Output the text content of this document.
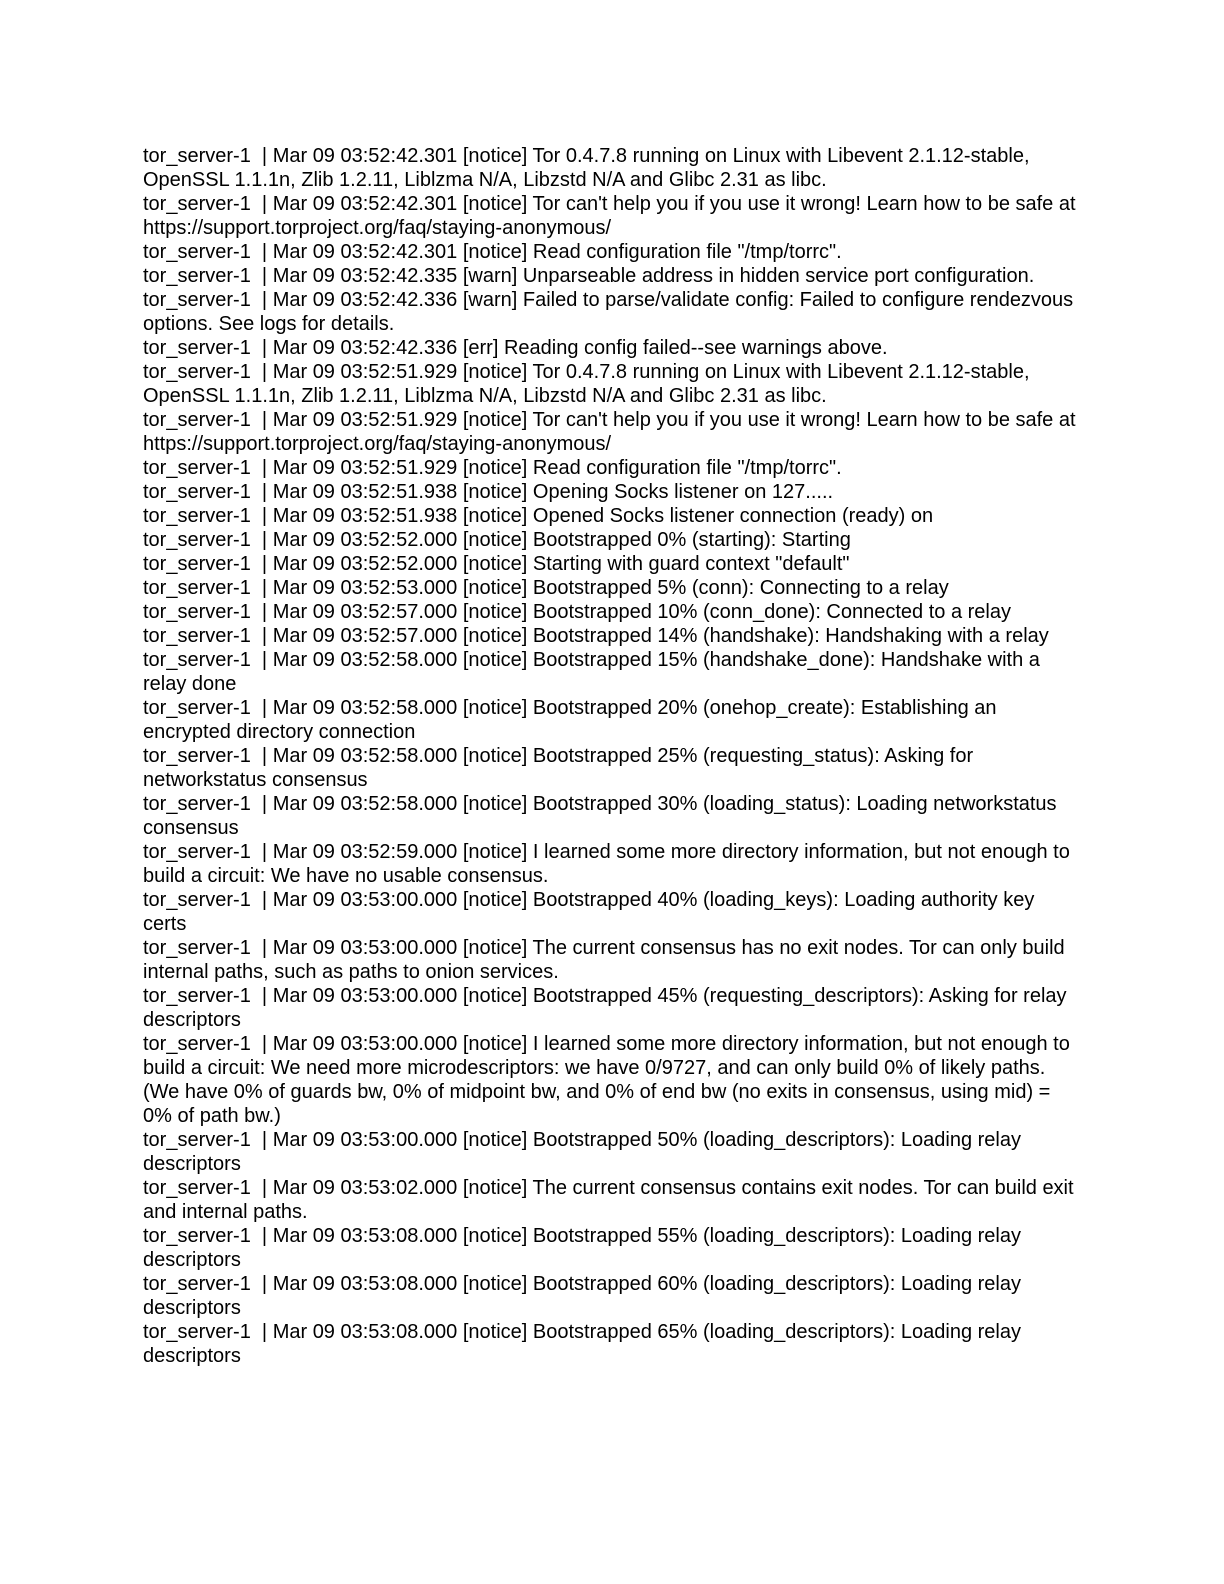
tor_server-1  | Mar 09 03:52:42.301 [notice] Tor 0.4.7.8 running on Linux with Libevent 2.1.12-stable, OpenSSL 1.1.1n, Zlib 1.2.11, Liblzma N/A, Libzstd N/A and Glibc 2.31 as libc.
tor_server-1  | Mar 09 03:52:42.301 [notice] Tor can't help you if you use it wrong! Learn how to be safe at https://support.torproject.org/faq/staying-anonymous/
tor_server-1  | Mar 09 03:52:42.301 [notice] Read configuration file "/tmp/torrc".
tor_server-1  | Mar 09 03:52:42.335 [warn] Unparseable address in hidden service port configuration.
tor_server-1  | Mar 09 03:52:42.336 [warn] Failed to parse/validate config: Failed to configure rendezvous options. See logs for details.
tor_server-1  | Mar 09 03:52:42.336 [err] Reading config failed--see warnings above.
tor_server-1  | Mar 09 03:52:51.929 [notice] Tor 0.4.7.8 running on Linux with Libevent 2.1.12-stable, OpenSSL 1.1.1n, Zlib 1.2.11, Liblzma N/A, Libzstd N/A and Glibc 2.31 as libc.
tor_server-1  | Mar 09 03:52:51.929 [notice] Tor can't help you if you use it wrong! Learn how to be safe at https://support.torproject.org/faq/staying-anonymous/
tor_server-1  | Mar 09 03:52:51.929 [notice] Read configuration file "/tmp/torrc".
tor_server-1  | Mar 09 03:52:51.938 [notice] Opening Socks listener on 127.....
tor_server-1  | Mar 09 03:52:51.938 [notice] Opened Socks listener connection (ready) on
tor_server-1  | Mar 09 03:52:52.000 [notice] Bootstrapped 0% (starting): Starting
tor_server-1  | Mar 09 03:52:52.000 [notice] Starting with guard context "default"
tor_server-1  | Mar 09 03:52:53.000 [notice] Bootstrapped 5% (conn): Connecting to a relay
tor_server-1  | Mar 09 03:52:57.000 [notice] Bootstrapped 10% (conn_done): Connected to a relay
tor_server-1  | Mar 09 03:52:57.000 [notice] Bootstrapped 14% (handshake): Handshaking with a relay
tor_server-1  | Mar 09 03:52:58.000 [notice] Bootstrapped 15% (handshake_done): Handshake with a relay done
tor_server-1  | Mar 09 03:52:58.000 [notice] Bootstrapped 20% (onehop_create): Establishing an encrypted directory connection
tor_server-1  | Mar 09 03:52:58.000 [notice] Bootstrapped 25% (requesting_status): Asking for networkstatus consensus
tor_server-1  | Mar 09 03:52:58.000 [notice] Bootstrapped 30% (loading_status): Loading networkstatus consensus
tor_server-1  | Mar 09 03:52:59.000 [notice] I learned some more directory information, but not enough to build a circuit: We have no usable consensus.
tor_server-1  | Mar 09 03:53:00.000 [notice] Bootstrapped 40% (loading_keys): Loading authority key certs
tor_server-1  | Mar 09 03:53:00.000 [notice] The current consensus has no exit nodes. Tor can only build internal paths, such as paths to onion services.
tor_server-1  | Mar 09 03:53:00.000 [notice] Bootstrapped 45% (requesting_descriptors): Asking for relay descriptors
tor_server-1  | Mar 09 03:53:00.000 [notice] I learned some more directory information, but not enough to build a circuit: We need more microdescriptors: we have 0/9727, and can only build 0% of likely paths. (We have 0% of guards bw, 0% of midpoint bw, and 0% of end bw (no exits in consensus, using mid) = 0% of path bw.)
tor_server-1  | Mar 09 03:53:00.000 [notice] Bootstrapped 50% (loading_descriptors): Loading relay descriptors
tor_server-1  | Mar 09 03:53:02.000 [notice] The current consensus contains exit nodes. Tor can build exit and internal paths.
tor_server-1  | Mar 09 03:53:08.000 [notice] Bootstrapped 55% (loading_descriptors): Loading relay descriptors
tor_server-1  | Mar 09 03:53:08.000 [notice] Bootstrapped 60% (loading_descriptors): Loading relay descriptors
tor_server-1  | Mar 09 03:53:08.000 [notice] Bootstrapped 65% (loading_descriptors): Loading relay descriptors
